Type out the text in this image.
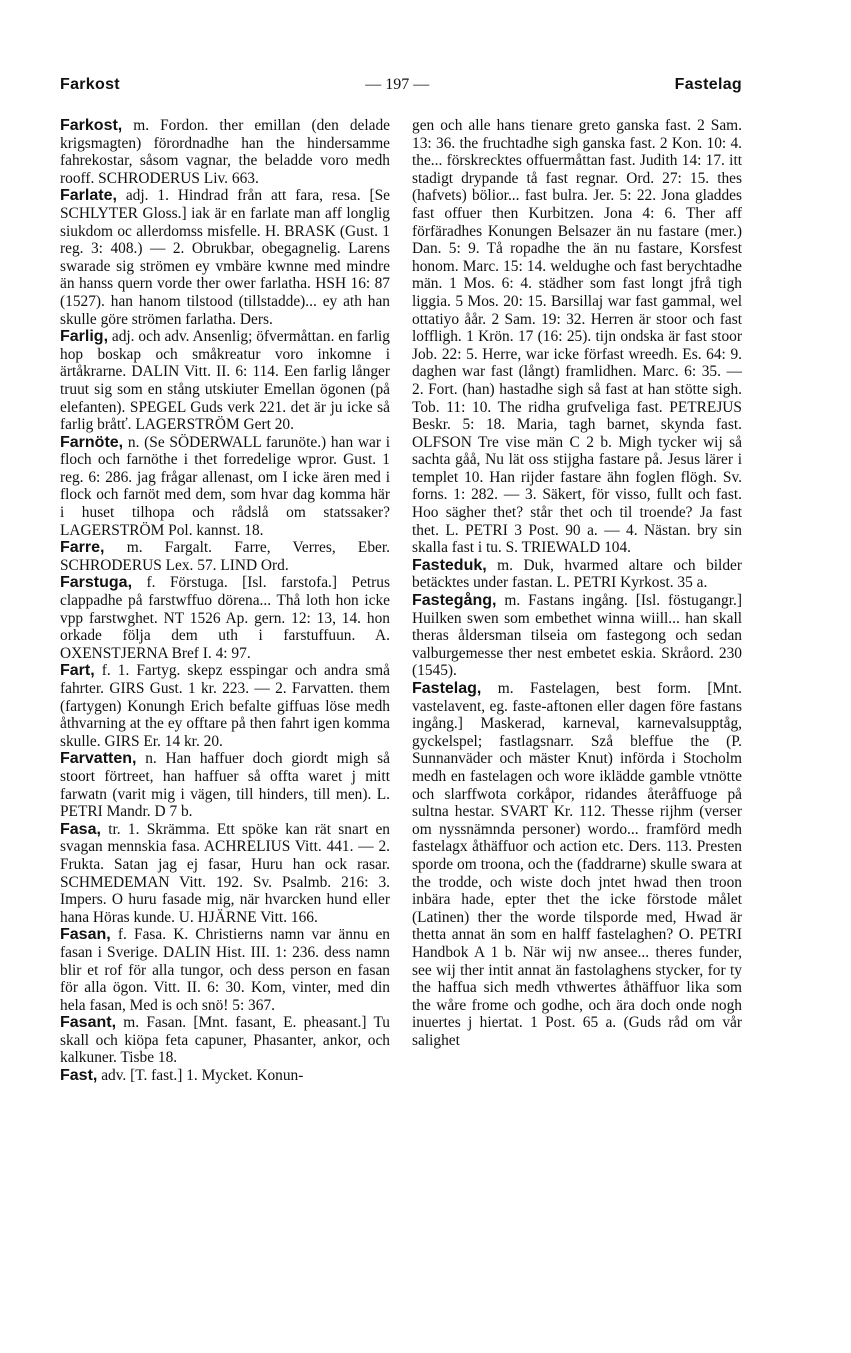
Farkost	— 197 —	Fastelag

Farkost, m. Fordon. ther emillan (den delade krigsmagten) förordnadhe han the hindersamme fahrekostar, såsom vagnar, the beladde voro medh rooff. SCHRODERUS Liv. 663.

Farlate, adj. 1. Hindrad från att fara, resa. [Se SCHLYTER Gloss.] iak är en farlate man aff longlig siukdom oc allerdomss misfelle. H. BRASK (Gust. 1 reg. 3: 408.) — 2. Obrukbar, obegagnelig. Larens swarade sig strömen ey vmbäre kwnne med mindre än hanss quern vorde ther ower farlatha. HSH 16: 87 (1527). han hanom tilstood (tillstadde)... ey ath han skulle göre strömen farlatha. Ders.

Farlig, adj. och adv. Ansenlig; öfvermåttan. en farlig hop boskap och småkreatur voro inkomne i ärtåkrarne. DALIN Vitt. II. 6: 114. Een farlig långer truut sig som en stång utskiuter Emellan ögonen (på elefanten). SPEGEL Guds verk 221. det är ju icke så farlig bråtť. LAGERSTRÖM Gert 20.

Farnöte, n. (Se SÖDERWALL farunöte.) han war i floch och farnöthe i thet forredelige wpror. Gust. 1 reg. 6: 286. jag frågar allenast, om I icke ären med i flock och farnöt med dem, som hvar dag komma här i huset tilhopa och rådslå om statssaker? LAGERSTRÖM Pol. kannst. 18.

Farre, m. Fargalt. Farre, Verres, Eber. SCHRODERUS Lex. 57. LIND Ord.

Farstuga, f. Förstuga. [Isl. farstofa.] Petrus clappadhe på farstwffuo dörena... Thå loth hon icke vpp farstwghet. NT 1526 Ap. gern. 12: 13, 14. hon orkade följa dem uth i farstuffuun. A. OXENSTJERNA Bref I. 4: 97.

Fart, f. 1. Fartyg. skepz esspingar och andra små fahrter. GIRS Gust. 1 kr. 223. — 2. Farvatten. them (fartygen) Konungh Erich befalte giffuas löse medh åthvarning at the ey offtare på then fahrt igen komma skulle. GIRS Er. 14 kr. 20.

Farvatten, n. Han haffuer doch giordt migh så stoort förtreet, han haffuer så offta waret j mitt farwatn (varit mig i vägen, till hinders, till men). L. PETRI Mandr. D 7 b.

Fasa, tr. 1. Skrämma. Ett spöke kan rät snart en svagan mennskia fasa. ACHRELIUS Vitt. 441. — 2. Frukta. Satan jag ej fasar, Huru han ock rasar. SCHMEDEMAN Vitt. 192. Sv. Psalmb. 216: 3. Impers. O huru fasade mig, när hvarcken hund eller hana Höras kunde. U. HJÄRNE Vitt. 166.

Fasan, f. Fasa. K. Christierns namn var ännu en fasan i Sverige. DALIN Hist. III. 1: 236. dess namn blir et rof för alla tungor, och dess person en fasan för alla ögon. Vitt. II. 6: 30. Kom, vinter, med din hela fasan, Med is och snö! 5: 367.

Fasant, m. Fasan. [Mnt. fasant, E. pheasant.] Tu skall och kiöpa feta capuner, Phasanter, ankor, och kalkuner. Tisbe 18.

Fast, adv. [T. fast.] 1. Mycket. Konun-

gen och alle hans tienare greto ganska fast. 2 Sam. 13: 36. the fruchtadhe sigh ganska fast. 2 Kon. 10: 4. the... förskrecktes offuermåttan fast. Judith 14: 17. itt stadigt drypande tå fast regnar. Ord. 27: 15. thes (hafvets) bölior... fast bulra. Jer. 5: 22. Jona gladdes fast offuer then Kurbitzen. Jona 4: 6. Ther aff förfäradhes Konungen Belsazer än nu fastare (mer.) Dan. 5: 9. Tå ropadhe the än nu fastare, Korsfest honom. Marc. 15: 14. weldughe och fast berychtadhe män. 1 Mos. 6: 4. städher som fast longt jfrå tigh liggia. 5 Mos. 20: 15. Barsillaj war fast gammal, wel ottatiyo åår. 2 Sam. 19: 32. Herren är stoor och fast loffligh. 1 Krön. 17 (16: 25). tijn ondska är fast stoor Job. 22: 5. Herre, war icke förfast wreedh. Es. 64: 9. daghen war fast (långt) framlidhen. Marc. 6: 35. — 2. Fort. (han) hastadhe sigh så fast at han stötte sigh. Tob. 11: 10. The ridha grufveliga fast. PETREJUS Beskr. 5: 18. Maria, tagh barnet, skynda fast. OLFSON Tre vise män C 2 b. Migh tycker wij så sachta gåå, Nu lät oss stijgha fastare på. Jesus lärer i templet 10. Han rijder fastare ähn foglen flögh. Sv. forns. 1: 282. — 3. Säkert, för visso, fullt och fast. Hoo sägher thet? står thet och til troende? Ja fast thet. L. PETRI 3 Post. 90 a. — 4. Nästan. bry sin skalla fast i tu. S. TRIEWALD 104.

Fasteduk, m. Duk, hvarmed altare och bilder betäcktes under fastan. L. PETRI Kyrkost. 35 a.

Fastegång, m. Fastans ingång. [Isl. föstugangr.] Huilken swen som embethet winna wiill... han skall theras åldersman tilseia om fastegong och sedan valburgemesse ther nest embetet eskia. Skråord. 230 (1545).

Fastelag, m. Fastelagen, best form. [Mnt. vastelavent, eg. faste-aftonen eller dagen före fastans ingång.] Maskerad, karneval, karnevalsupptåg, gyckelspel; fastlagsnarr. Szå bleffue the (P. Sunnanväder och mäster Knut) införda i Stocholm medh en fastelagen och wore iklädde gamble vtnötte och slarffwota corkåpor, ridandes återåffuoge på sultna hestar. SVART Kr. 112. Thesse rijhm (verser om nyssnämnda personer) wordo... framförd medh fastelagx åthäffuor och action etc. Ders. 113. Presten sporde om troona, och the (faddrarne) skulle swara at the trodde, och wiste doch jntet hwad then troon inbära hade, epter thet the icke förstode målet (Latinen) ther the worde tilsporde med, Hwad är thetta annat än som en halff fastelaghen? O. PETRI Handbok A 1 b. När wij nw ansee... theres funder, see wij ther intit annat än fastolaghens stycker, for ty the haffua sich medh vthwertes åthäffuor lika som the wåre frome och godhe, och ära doch onde nogh inuertes j hiertat. 1 Post. 65 a. (Guds råd om vår salighet
